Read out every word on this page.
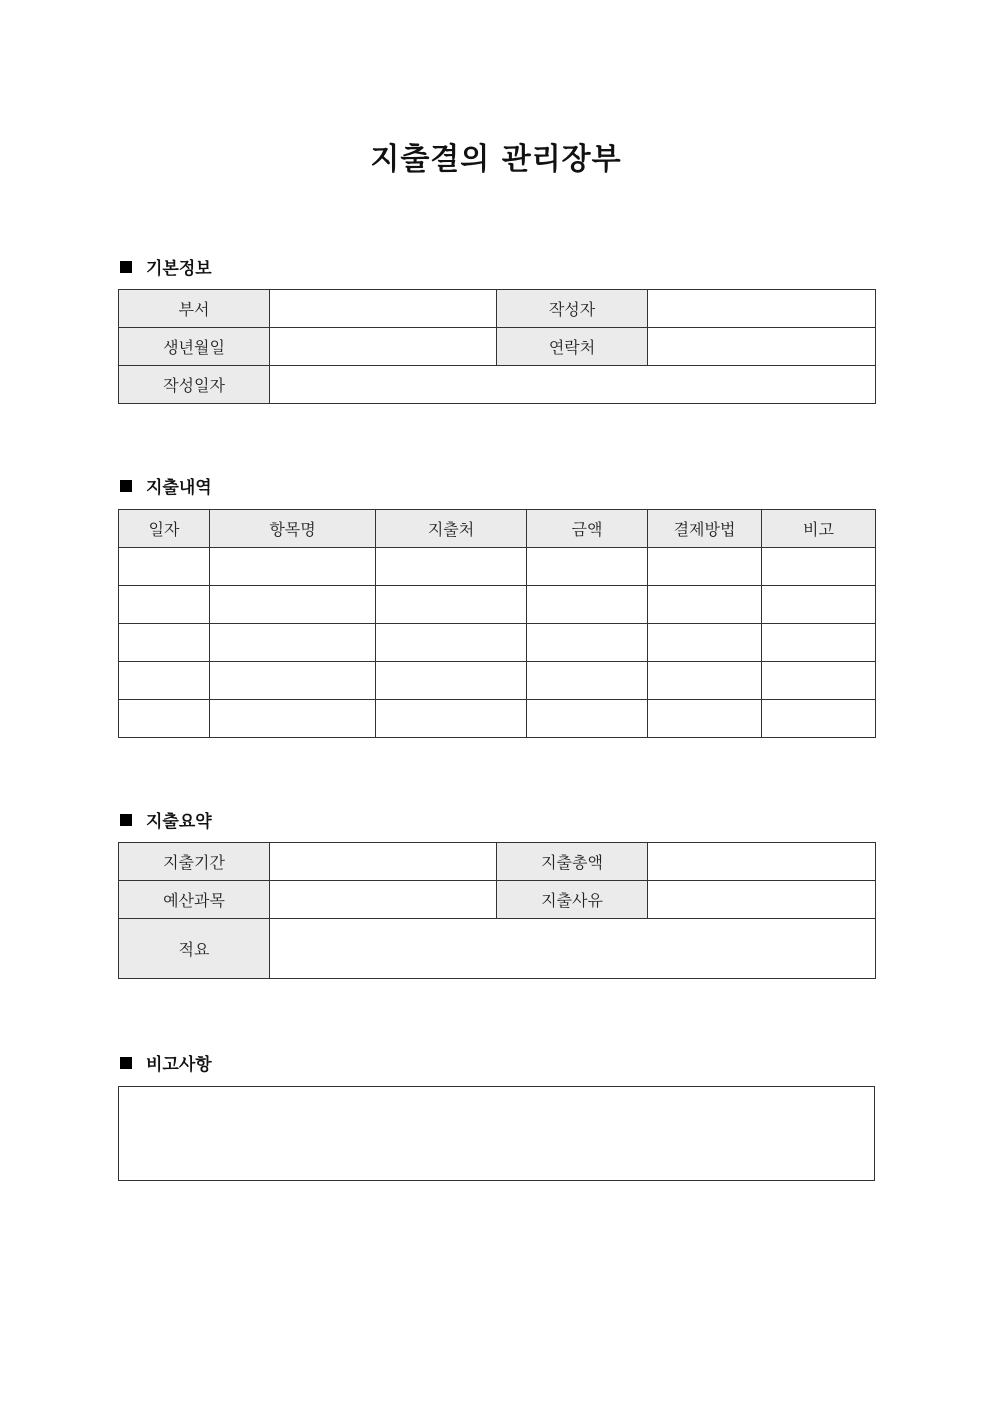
지출결의 관리장부
기본정보
부서		작성자	
생년월일		연락처	
작성일자			
지출내역
일자	항목명	지출처	금액	결제방법	비고

지출요약
지출기간		지출총액	
예산과목		지출사유	
적요			
비고사항
